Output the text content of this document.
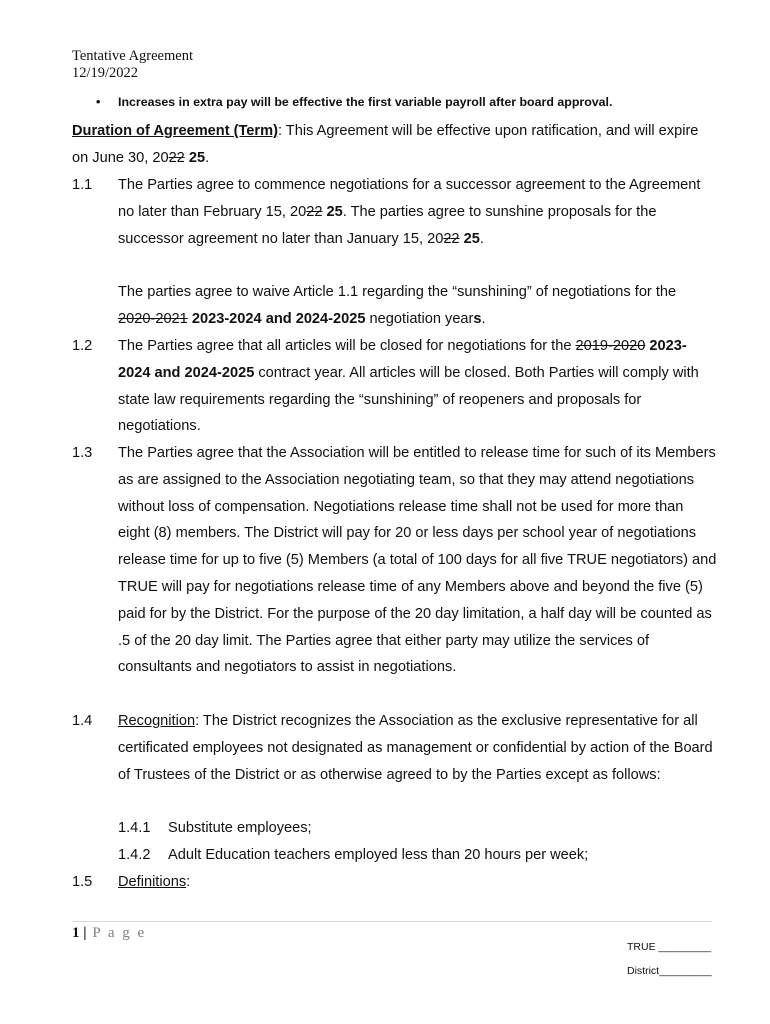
Tentative Agreement
12/19/2022
• Increases in extra pay will be effective the first variable payroll after board approval.
Duration of Agreement (Term): This Agreement will be effective upon ratification, and will expire on June 30, 2022 25.
1.1 The Parties agree to commence negotiations for a successor agreement to the Agreement no later than February 15, 2022 25. The parties agree to sunshine proposals for the successor agreement no later than January 15, 2022 25.
The parties agree to waive Article 1.1 regarding the “sunshining” of negotiations for the 2020-2021 2023-2024 and 2024-2025 negotiation years.
1.2 The Parties agree that all articles will be closed for negotiations for the 2019-2020 2023-2024 and 2024-2025 contract year. All articles will be closed. Both Parties will comply with state law requirements regarding the “sunshining” of reopeners and proposals for negotiations.
1.3 The Parties agree that the Association will be entitled to release time for such of its Members as are assigned to the Association negotiating team, so that they may attend negotiations without loss of compensation. Negotiations release time shall not be used for more than eight (8) members. The District will pay for 20 or less days per school year of negotiations release time for up to five (5) Members (a total of 100 days for all five TRUE negotiators) and TRUE will pay for negotiations release time of any Members above and beyond the five (5) paid for by the District. For the purpose of the 20 day limitation, a half day will be counted as .5 of the 20 day limit. The Parties agree that either party may utilize the services of consultants and negotiators to assist in negotiations.
1.4 Recognition: The District recognizes the Association as the exclusive representative for all certificated employees not designated as management or confidential by action of the Board of Trustees of the District or as otherwise agreed to by the Parties except as follows:
1.4.1 Substitute employees;
1.4.2 Adult Education teachers employed less than 20 hours per week;
1.5 Definitions:
1 | P a g e
TRUE _________
District_________
